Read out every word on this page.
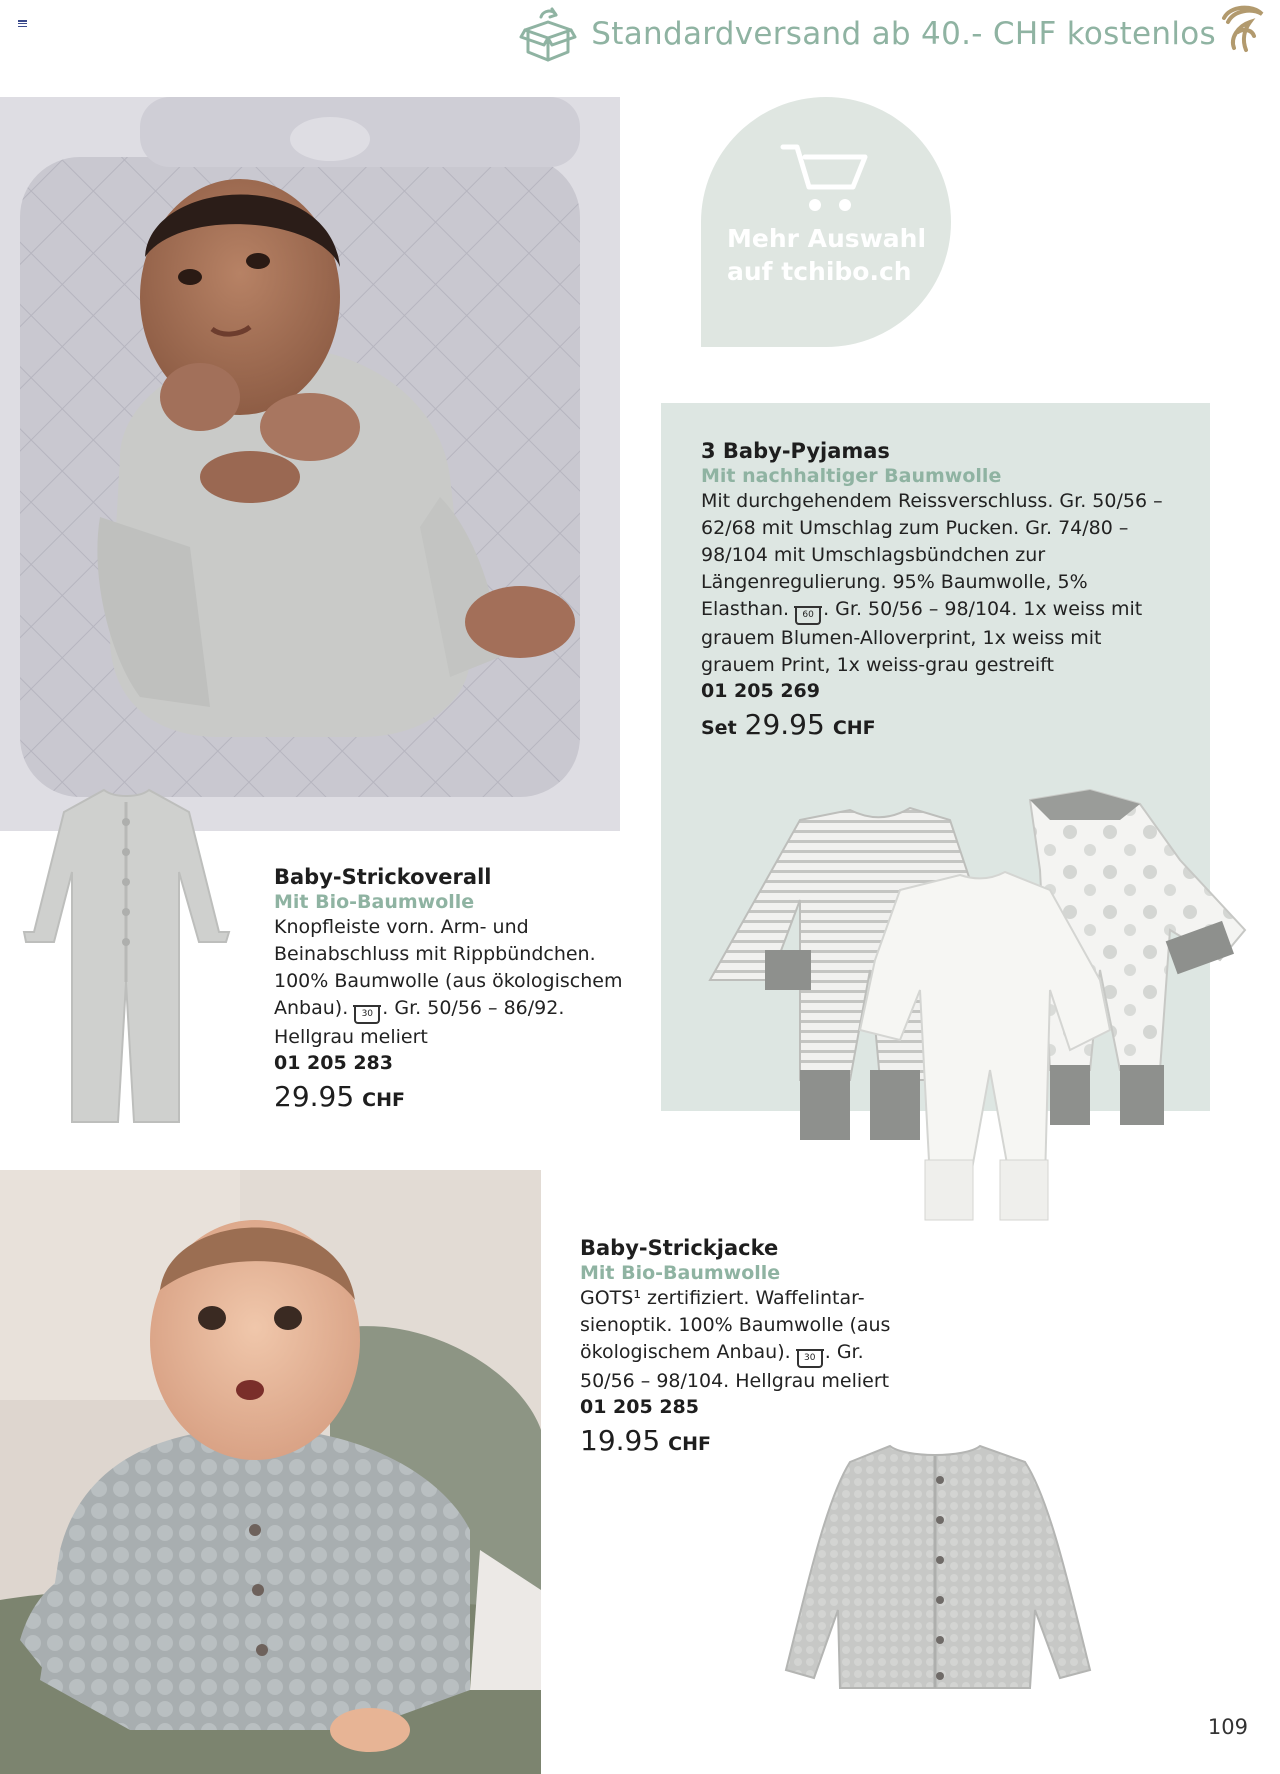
Standardversand ab 40.- CHF kostenlos
Mehr Auswahl auf tchibo.ch
3 Baby-Pyjamas
Mit nachhaltiger Baumwolle
Mit durchgehendem Reissverschluss. Gr. 50/56 – 62/68 mit Umschlag zum Pucken. Gr. 74/80 – 98/104 mit Umschlagsbündchen zur Längenregulierung. 95% Baumwolle, 5% Elasthan. 60 . Gr. 50/56 – 98/104. 1x weiss mit grauem Blumen-Alloverprint, 1x weiss mit grauem Print, 1x weiss-grau gestreift
01 205 269
Set 29.95 CHF
Baby-Strickoverall
Mit Bio-Baumwolle
Knopfleiste vorn. Arm- und Beinabschluss mit Rippbündchen. 100% Baumwolle (aus ökologischem Anbau). 30 . Gr. 50/56 – 86/92. Hellgrau meliert
01 205 283
29.95 CHF
Baby-Strickjacke
Mit Bio-Baumwolle
GOTS¹ zertifiziert. Waffelintar-sienoptik. 100% Baumwolle (aus ökologischem Anbau). 30 . Gr. 50/56 – 98/104. Hellgrau meliert
01 205 285
19.95 CHF
109
